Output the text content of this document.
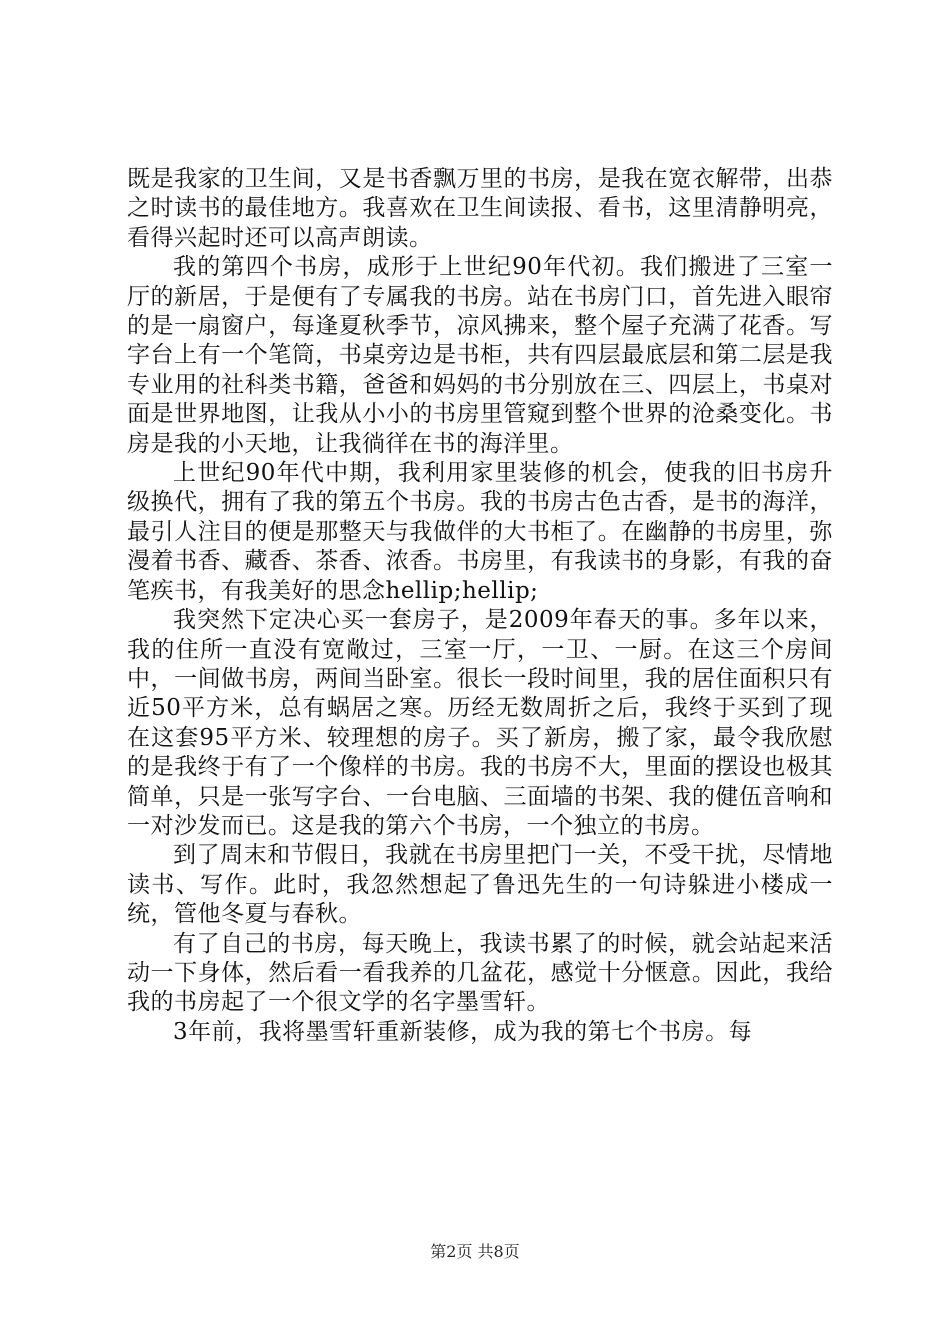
既是我家的卫生间，又是书香飘万里的书房，是我在宽衣解带，出恭之时读书的最佳地方。我喜欢在卫生间读报、看书，这里清静明亮，看得兴起时还可以高声朗读。

我的第四个书房，成形于上世纪90年代初。我们搬进了三室一厅的新居，于是便有了专属我的书房。站在书房门口，首先进入眼帘的是一扇窗户，每逢夏秋季节，凉风拂来，整个屋子充满了花香。写字台上有一个笔筒，书桌旁边是书柜，共有四层最底层和第二层是我专业用的社科类书籍，爸爸和妈妈的书分别放在三、四层上，书桌对面是世界地图，让我从小小的书房里管窥到整个世界的沧桑变化。书房是我的小天地，让我徜徉在书的海洋里。

上世纪90年代中期，我利用家里装修的机会，使我的旧书房升级换代，拥有了我的第五个书房。我的书房古色古香，是书的海洋，最引人注目的便是那整天与我做伴的大书柜了。在幽静的书房里，弥漫着书香、藏香、茶香、浓香。书房里，有我读书的身影，有我的奋笔疾书，有我美好的思念hellip;hellip;

我突然下定决心买一套房子，是2009年春天的事。多年以来，我的住所一直没有宽敞过，三室一厅，一卫、一厨。在这三个房间中，一间做书房，两间当卧室。很长一段时间里，我的居住面积只有近50平方米，总有蜗居之寒。历经无数周折之后，我终于买到了现在这套95平方米、较理想的房子。买了新房，搬了家，最令我欣慰的是我终于有了一个像样的书房。我的书房不大，里面的摆设也极其简单，只是一张写字台、一台电脑、三面墙的书架、我的健伍音响和一对沙发而已。这是我的第六个书房，一个独立的书房。

到了周末和节假日，我就在书房里把门一关，不受干扰，尽情地读书、写作。此时，我忽然想起了鲁迅先生的一句诗躲进小楼成一统，管他冬夏与春秋。

有了自己的书房，每天晚上，我读书累了的时候，就会站起来活动一下身体，然后看一看我养的几盆花，感觉十分惬意。因此，我给我的书房起了一个很文学的名字墨雪轩。

3年前，我将墨雪轩重新装修，成为我的第七个书房。每

第2页 共8页
